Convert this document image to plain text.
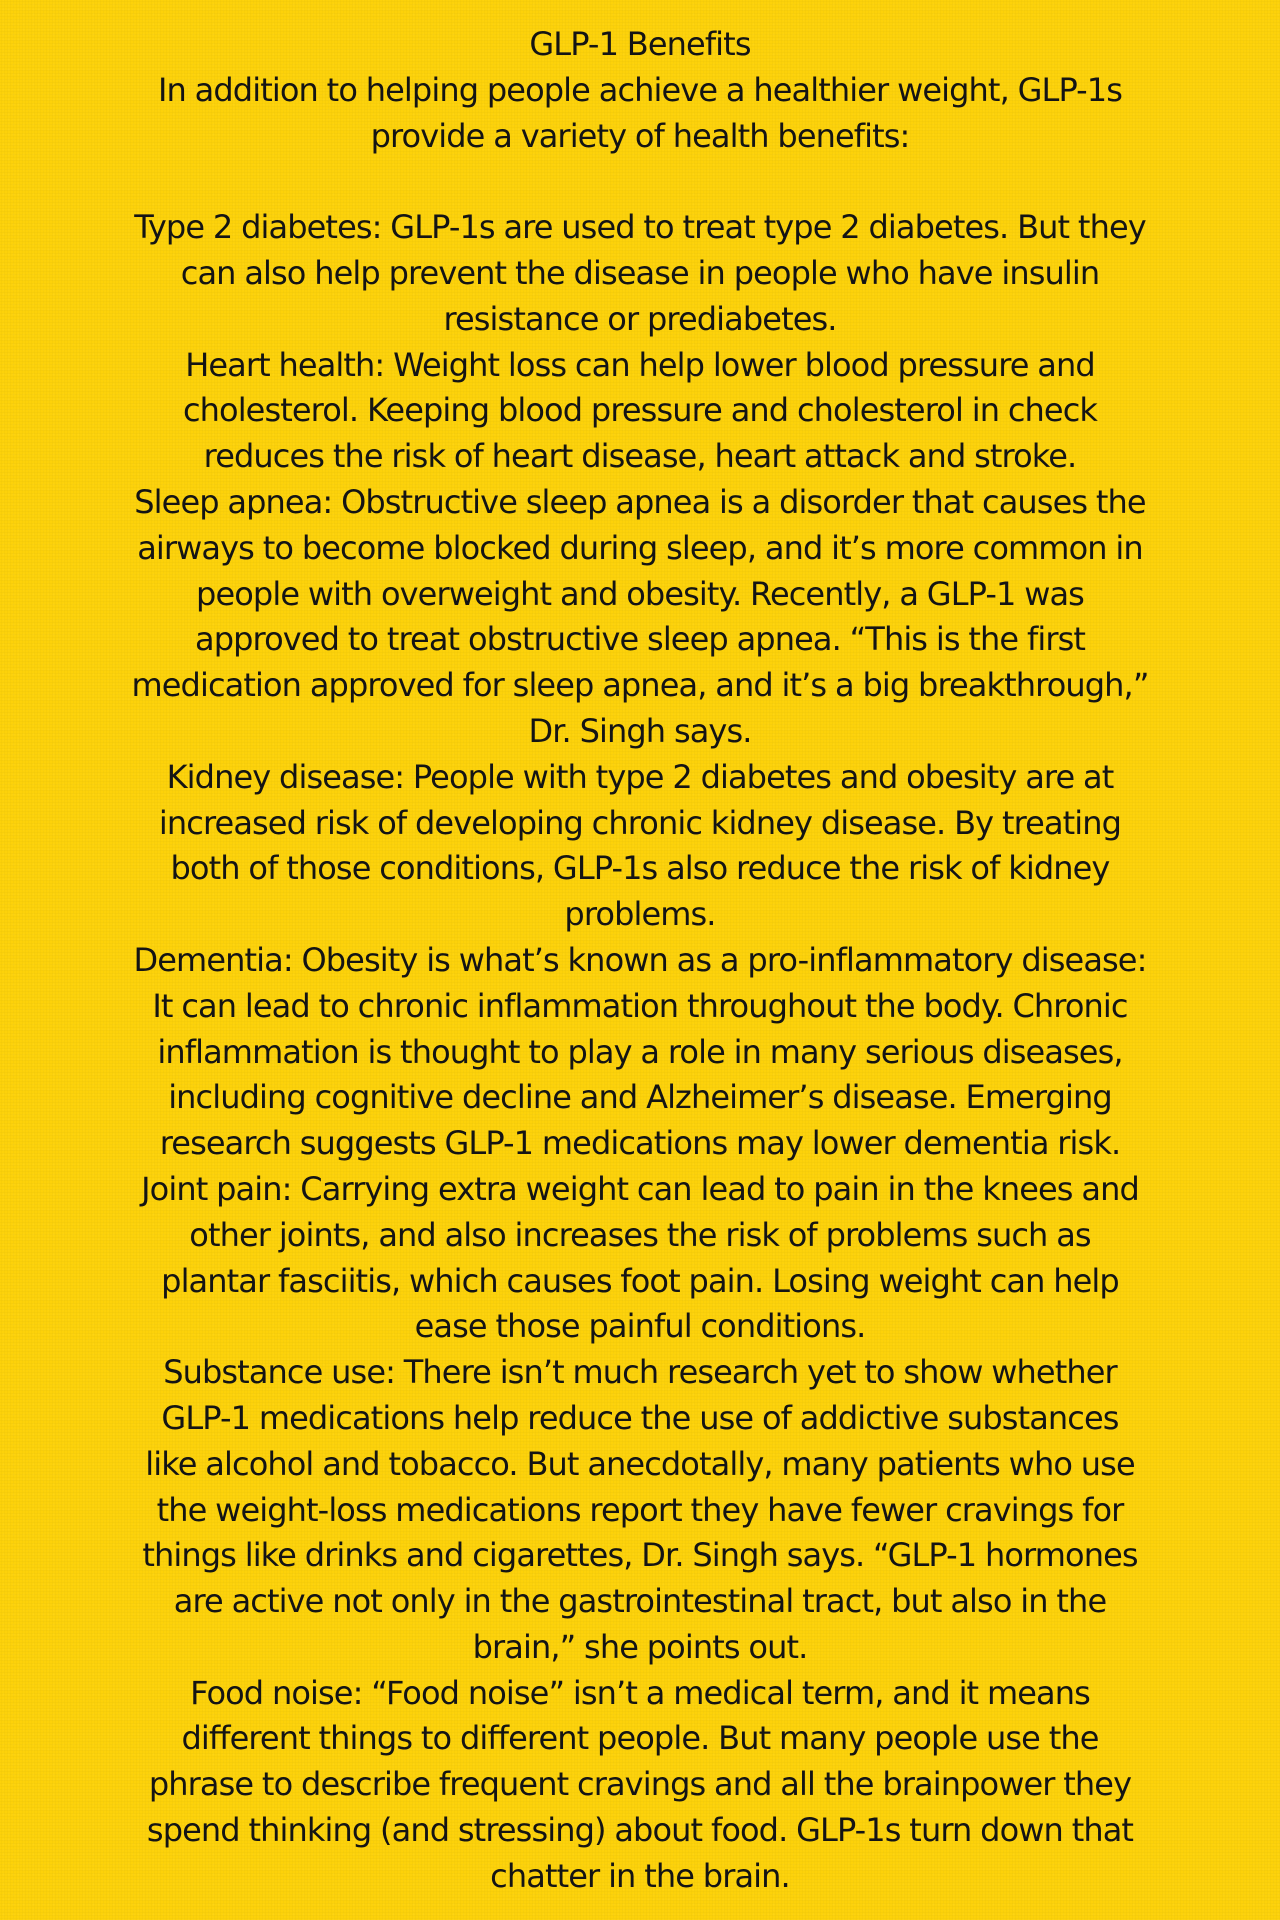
GLP-1 Benefits
In addition to helping people achieve a healthier weight, GLP-1s
provide a variety of health benefits:
Type 2 diabetes: GLP-1s are used to treat type 2 diabetes. But they
can also help prevent the disease in people who have insulin
resistance or prediabetes.
Heart health: Weight loss can help lower blood pressure and
cholesterol. Keeping blood pressure and cholesterol in check
reduces the risk of heart disease, heart attack and stroke.
Sleep apnea: Obstructive sleep apnea is a disorder that causes the
airways to become blocked during sleep, and it’s more common in
people with overweight and obesity. Recently, a GLP-1 was
approved to treat obstructive sleep apnea. “This is the first
medication approved for sleep apnea, and it’s a big breakthrough,”
Dr. Singh says.
Kidney disease: People with type 2 diabetes and obesity are at
increased risk of developing chronic kidney disease. By treating
both of those conditions, GLP-1s also reduce the risk of kidney
problems.
Dementia: Obesity is what’s known as a pro-inflammatory disease:
It can lead to chronic inflammation throughout the body. Chronic
inflammation is thought to play a role in many serious diseases,
including cognitive decline and Alzheimer’s disease. Emerging
research suggests GLP-1 medications may lower dementia risk.
Joint pain: Carrying extra weight can lead to pain in the knees and
other joints, and also increases the risk of problems such as
plantar fasciitis, which causes foot pain. Losing weight can help
ease those painful conditions.
Substance use: There isn’t much research yet to show whether
GLP-1 medications help reduce the use of addictive substances
like alcohol and tobacco. But anecdotally, many patients who use
the weight-loss medications report they have fewer cravings for
things like drinks and cigarettes, Dr. Singh says. “GLP-1 hormones
are active not only in the gastrointestinal tract, but also in the
brain,” she points out.
Food noise: “Food noise” isn’t a medical term, and it means
different things to different people. But many people use the
phrase to describe frequent cravings and all the brainpower they
spend thinking (and stressing) about food. GLP-1s turn down that
chatter in the brain.
